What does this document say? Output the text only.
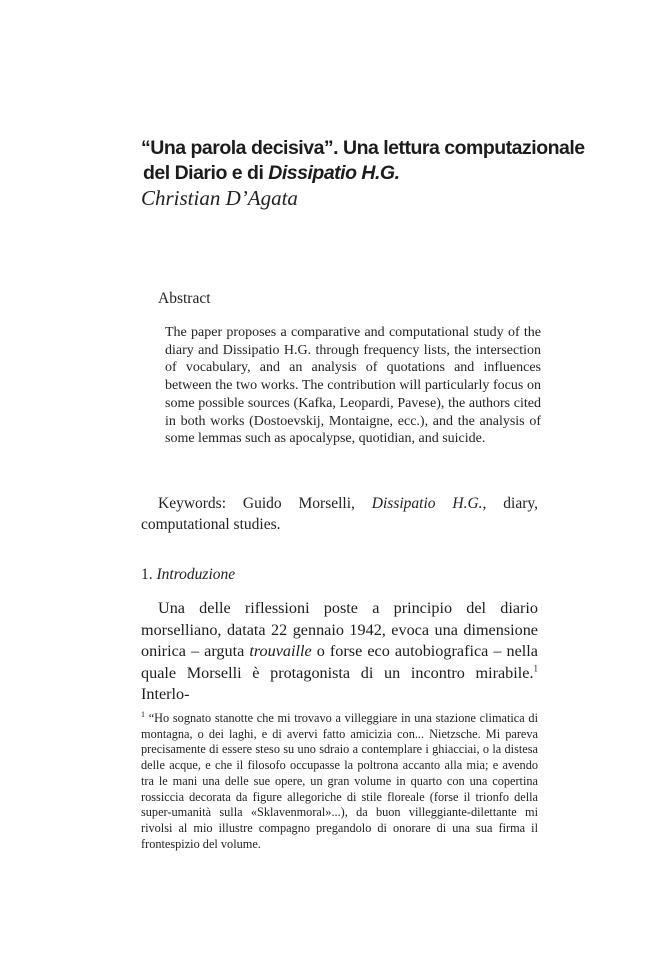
“Una parola decisiva”. Una lettura computazionale
del Diario e di Dissipatio H.G.
Christian D’Agata
Abstract

The paper proposes a comparative and computational study of the diary and Dissipatio H.G. through frequency lists, the intersection of vocabulary, and an analysis of quotations and influences between the two works. The contribution will particularly focus on some possible sources (Kafka, Leopardi, Pavese), the authors cited in both works (Dostoevskij, Montaigne, ecc.), and the analysis of some lemmas such as apocalypse, quotidian, and suicide.

Keywords: Guido Morselli, Dissipatio H.G., diary, computational studies.

1. Introduzione

Una delle riflessioni poste a principio del diario morselliano, datata 22 gennaio 1942, evoca una dimensione onirica – arguta trouvaille o forse eco autobiografica – nella quale Morselli è protagonista di un incontro mirabile.$^1$ Interlo-

$^1$ “Ho sognato stanotte che mi trovavo a villeggiare in una stazione climatica di montagna, o dei laghi, e di avervi fatto amicizia con... Nietzsche. Mi pareva precisamente di essere steso su uno sdraio a contemplare i ghiacciai, o la distesa delle acque, e che il filosofo occupasse la poltrona accanto alla mia; e avendo tra le mani una delle sue opere, un gran volume in quarto con una copertina rossiccia decorata da figure allegoriche di stile floreale (forse il trionfo della super-umanità sulla «Sklavenmoral»...), da buon villeggiante-dilettante mi rivolsi al mio illustre compagno pregandolo di onorare di una sua firma il frontespizio del volume.
